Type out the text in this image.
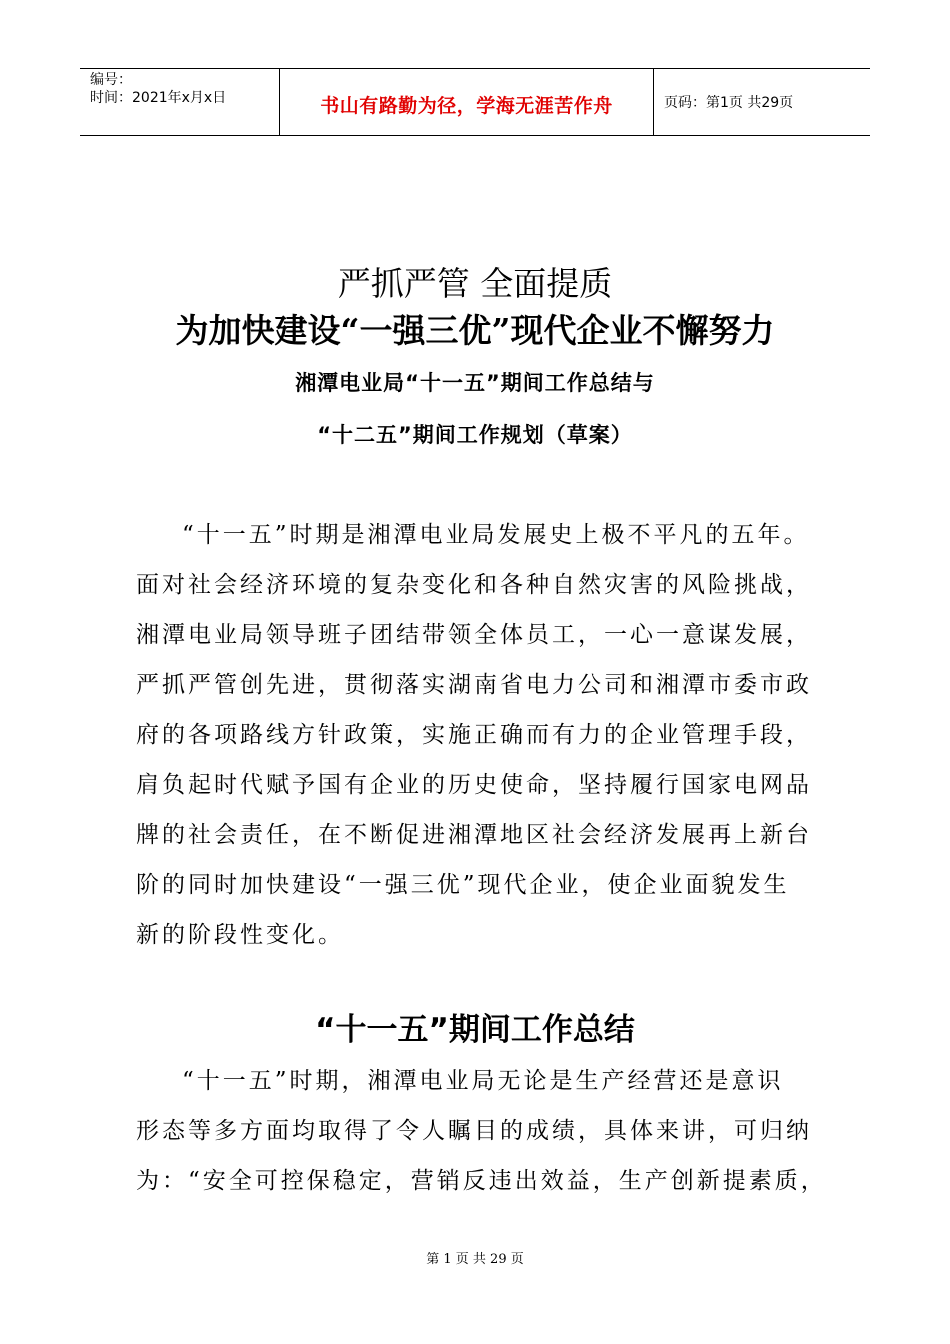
编号：
时间：2021年x月x日	书山有路勤为径，学海无涯苦作舟	页码：第1页 共29页
严抓严管 全面提质
为加快建设“一强三优”现代企业不懈努力
湘潭电业局“十一五”期间工作总结与
“十二五”期间工作规划（草案）
“十一五”时期是湘潭电业局发展史上极不平凡的五年。
面对社会经济环境的复杂变化和各种自然灾害的风险挑战，
湘潭电业局领导班子团结带领全体员工，一心一意谋发展，
严抓严管创先进，贯彻落实湖南省电力公司和湘潭市委市政
府的各项路线方针政策，实施正确而有力的企业管理手段，
肩负起时代赋予国有企业的历史使命，坚持履行国家电网品
牌的社会责任，在不断促进湘潭地区社会经济发展再上新台
阶的同时加快建设“一强三优”现代企业，使企业面貌发生
新的阶段性变化。
“十一五”期间工作总结
“十一五”时期，湘潭电业局无论是生产经营还是意识
形态等多方面均取得了令人瞩目的成绩，具体来讲，可归纳
为：“安全可控保稳定，营销反违出效益，生产创新提素质，
第 1 页 共 29 页
